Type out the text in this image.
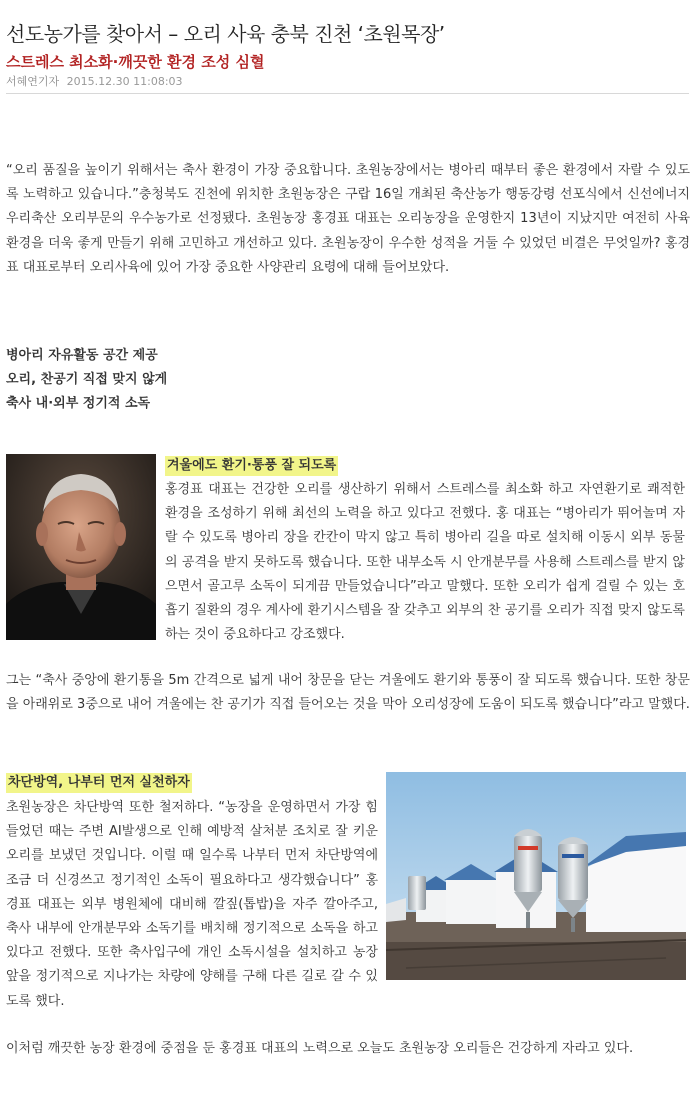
선도농가를 찾아서 – 오리 사육 충북 진천 ‘초원목장’
스트레스 최소화·깨끗한 환경 조성 심혈
서혜연기자 2015.12.30 11:08:03

“오리 품질을 높이기 위해서는 축사 환경이 가장 중요합니다. 초원농장에서는 병아리 때부터 좋은 환경에서 자랄 수 있도록 노력하고 있습니다.”충청북도 진천에 위치한 초원농장은 구랍 16일 개최된 축산농가 행동강령 선포식에서 신선에너지 우리축산 오리부문의 우수농가로 선정됐다. 초원농장 홍경표 대표는 오리농장을 운영한지 13년이 지났지만 여전히 사육환경을 더욱 좋게 만들기 위해 고민하고 개선하고 있다. 초원농장이 우수한 성적을 거둘 수 있었던 비결은 무엇일까? 홍경표 대표로부터 오리사육에 있어 가장 중요한 사양관리 요령에 대해 들어보았다.

병아리 자유활동 공간 제공
오리, 찬공기 직접 맞지 않게
축사 내·외부 정기적 소독
겨울에도 환기·통풍 잘 되도록

홍경표 대표는 건강한 오리를 생산하기 위해서 스트레스를 최소화 하고 자연환기로 쾌적한 환경을 조성하기 위해 최선의 노력을 하고 있다고 전했다. 홍 대표는 “병아리가 뛰어놀며 자랄 수 있도록 병아리 장을 칸칸이 막지 않고 특히 병아리 길을 따로 설치해 이동시 외부 동물의 공격을 받지 못하도록 했습니다. 또한 내부소독 시 안개분무를 사용해 스트레스를 받지 않으면서 골고루 소독이 되게끔 만들었습니다”라고 말했다. 또한 오리가 쉽게 걸릴 수 있는 호흡기 질환의 경우 계사에 환기시스템을 잘 갖추고 외부의 찬 공기를 오리가 직접 맞지 않도록 하는 것이 중요하다고 강조했다.

그는 “축사 중앙에 환기통을 5m 간격으로 넓게 내어 창문을 닫는 겨울에도 환기와 통풍이 잘 되도록 했습니다. 또한 창문을 아래위로 3중으로 내어 겨울에는 찬 공기가 직접 들어오는 것을 막아 오리성장에 도움이 되도록 했습니다”라고 말했다.

차단방역, 나부터 먼저 실천하자

초원농장은 차단방역 또한 철저하다. “농장을 운영하면서 가장 힘들었던 때는 주변 AI발생으로 인해 예방적 살처분 조치로 잘 키운 오리를 보냈던 것입니다. 이럴 때 일수록 나부터 먼저 차단방역에 조금 더 신경쓰고 정기적인 소독이 필요하다고 생각했습니다” 홍경표 대표는 외부 병원체에 대비해 깔짚(톱밥)을 자주 깔아주고, 축사 내부에 안개분무와 소독기를 배치해 정기적으로 소독을 하고 있다고 전했다. 또한 축사입구에 개인 소독시설을 설치하고 농장 앞을 정기적으로 지나가는 차량에 양해를 구해 다른 길로 갈 수 있도록 했다.

이처럼 깨끗한 농장 환경에 중점을 둔 홍경표 대표의 노력으로 오늘도 초원농장 오리들은 건강하게 자라고 있다.
